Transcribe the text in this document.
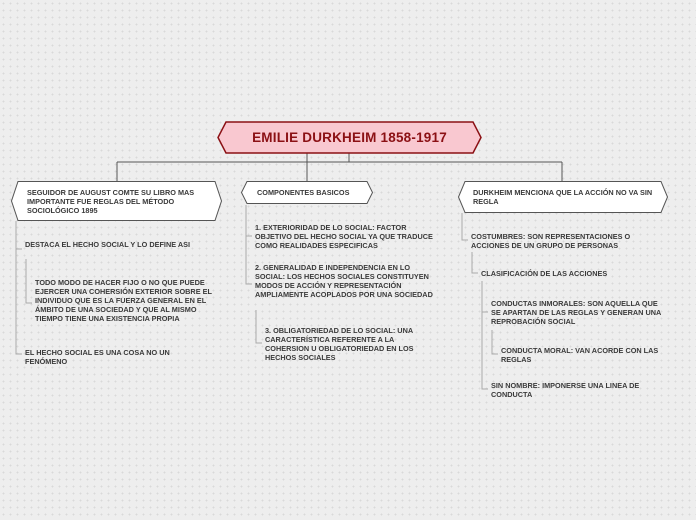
EMILIE DURKHEIM 1858-1917
SEGUIDOR DE AUGUST COMTE SU LIBRO MAS IMPORTANTE FUE REGLAS DEL MÉTODO SOCIOLÓGICO 1895
COMPONENTES BASICOS	DURKHEIM MENCIONA QUE LA ACCIÓN NO VA SIN REGLA
DESTACA EL HECHO SOCIAL Y LO DEFINE ASI
TODO MODO DE HACER FIJO O NO QUE PUEDE EJERCER UNA COHERSIÓN EXTERIOR SOBRE EL INDIVIDUO QUE ES LA FUERZA GENERAL EN EL ÁMBITO DE UNA SOCIEDAD Y QUE AL MISMO TIEMPO TIENE UNA EXISTENCIA PROPIA
EL HECHO SOCIAL ES UNA COSA NO UN FENÓMENO
1. EXTERIORIDAD DE LO SOCIAL: FACTOR OBJETIVO DEL HECHO SOCIAL YA QUE TRADUCE COMO REALIDADES ESPECIFICAS
2. GENERALIDAD E INDEPENDENCIA EN LO SOCIAL: LOS HECHOS SOCIALES CONSTITUYEN MODOS DE ACCIÓN Y REPRESENTACIÓN AMPLIAMENTE ACOPLADOS POR UNA SOCIEDAD
3. OBLIGATORIEDAD DE LO SOCIAL: UNA CARACTERÍSTICA REFERENTE A LA COHERSION U OBLIGATORIEDAD EN LOS HECHOS SOCIALES
COSTUMBRES: SON REPRESENTACIONES O ACCIONES DE UN GRUPO DE PERSONAS
CLASIFICACIÓN DE LAS ACCIONES
CONDUCTAS INMORALES: SON AQUELLA QUE SE APARTAN DE LAS REGLAS Y GENERAN UNA REPROBACIÓN SOCIAL
CONDUCTA MORAL: VAN ACORDE CON LAS REGLAS
SIN NOMBRE: IMPONERSE UNA LINEA DE CONDUCTA
